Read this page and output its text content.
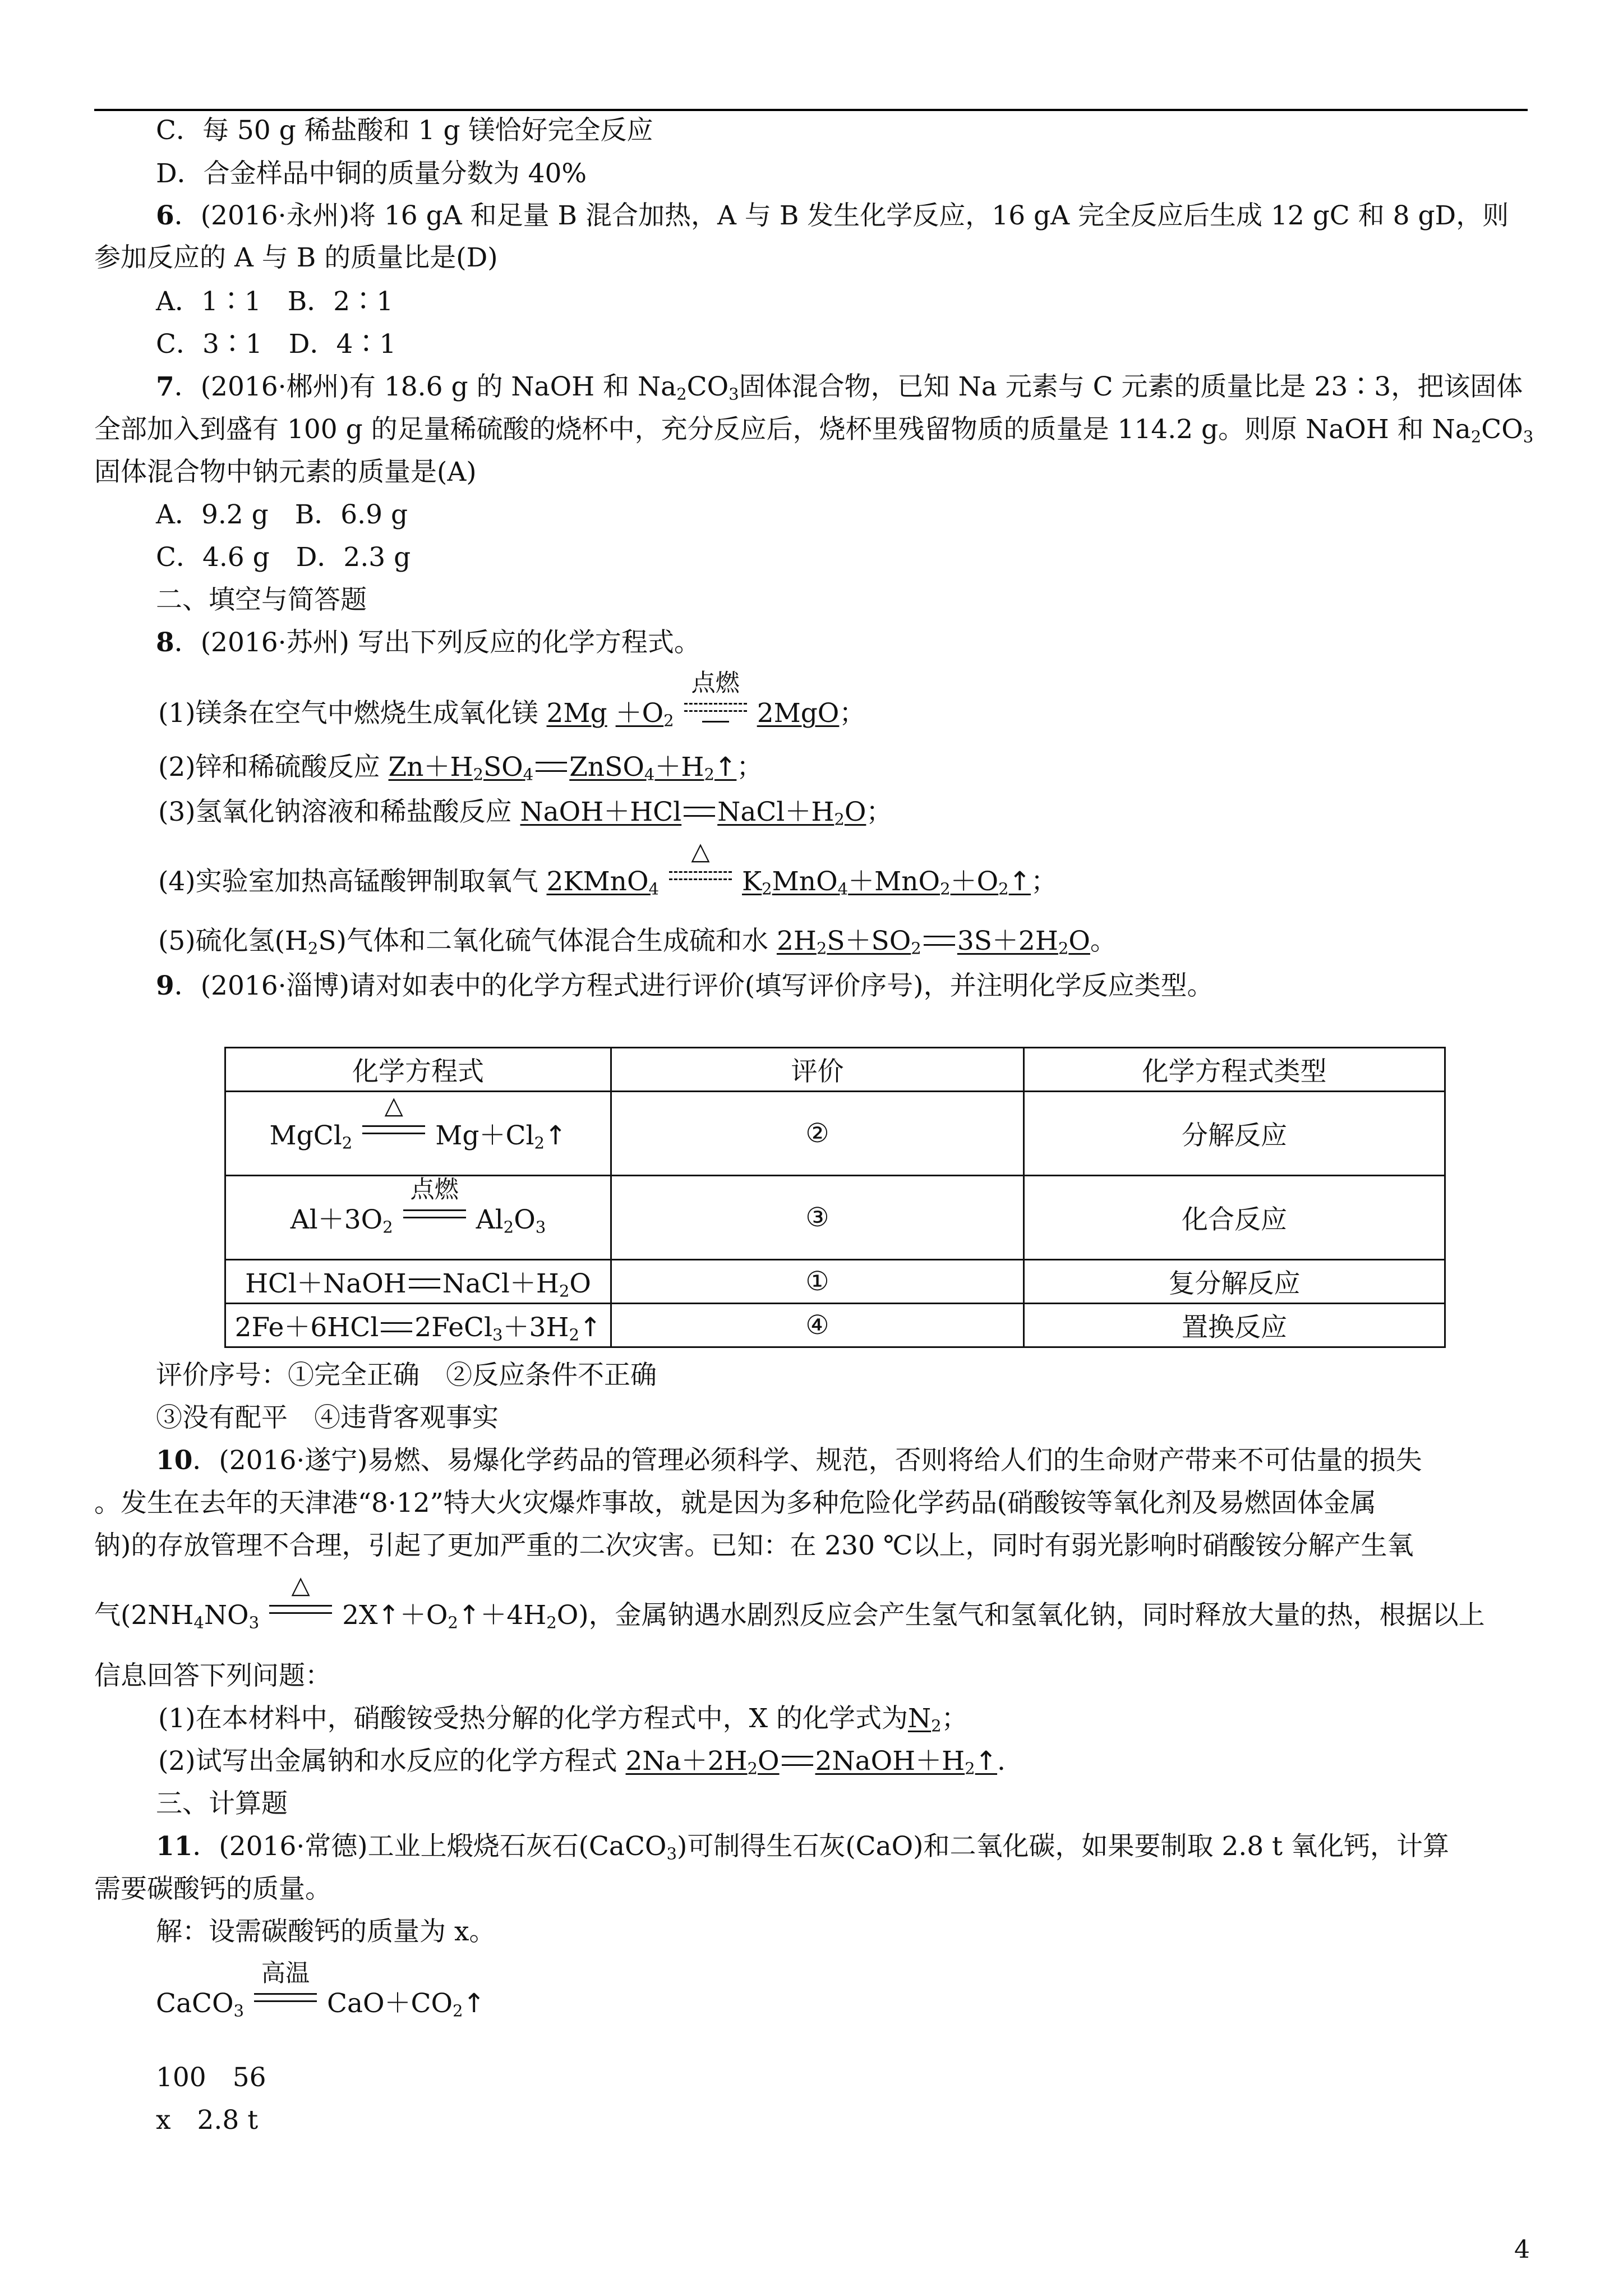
C．每 50 g 稀盐酸和 1 g 镁恰好完全反应
D．合金样品中铜的质量分数为 40%
6．(2016·永州)将 16 gA 和足量 B 混合加热，A 与 B 发生化学反应，16 gA 完全反应后生成 12 gC 和 8 gD，则
参加反应的 A 与 B 的质量比是(D)
A．1∶1　B．2∶1
C．3∶1　D．4∶1
7．(2016·郴州)有 18.6 g 的 NaOH 和 $Na_2CO_3$固体混合物，已知 Na 元素与 C 元素的质量比是 23∶3，把该固体
全部加入到盛有 100 g 的足量稀硫酸的烧杯中，充分反应后，烧杯里残留物质的质量是 114.2 g。则原 NaOH 和 $Na_2CO_3$
固体混合物中钠元素的质量是(A)
A．9.2 g　B．6.9 g
C．4.6 g　D．2.3 g
二、填空与简答题
8．(2016·苏州) 写出下列反应的化学方程式。
(1)镁条在空气中燃烧生成氧化镁 $2Mg +O_2$
点燃
2MgO；
(2)锌和稀硫酸反应 $Zn+H_2SO_4$ $ZnSO_4+H_2↑$；
(3)氢氧化钠溶液和稀盐酸反应 NaOH＋HCl $NaCl+H_2O$；
(4)实验室加热高锰酸钾制取氧气 2KMnO$_4$
△
$K_2MnO_4+MnO_2+O_2↑$；
(5)硫化氢$(H_2S)$气体和二氧化硫气体混合生成硫和水 $2H_2S+SO_2$ $3S+2H_2O$。
9．(2016·淄博)请对如表中的化学方程式进行评价(填写评价序号)，并注明化学反应类型。
化学方程式	评价	化学方程式类型
MgCl$_2$
△
$Mg+Cl_2↑$	②	分解反应
$Al+3O_2$
点燃
$Al_2O_3$	③	化合反应
HCl＋NaOH $NaCl+H_2O$	①	复分解反应
2Fe＋6HCl $2FeCl_3+3H_2↑$	④	置换反应
评价序号：①完全正确　②反应条件不正确
③没有配平　④违背客观事实
10．(2016·遂宁)易燃、易爆化学药品的管理必须科学、规范，否则将给人们的生命财产带来不可估量的损失
。发生在去年的天津港“8·12”特大火灾爆炸事故，就是因为多种危险化学药品(硝酸铵等氧化剂及易燃固体金属
钠)的存放管理不合理，引起了更加严重的二次灾害。已知：在 230 ℃以上，同时有弱光影响时硝酸铵分解产生氧
气($2NH_4NO_3$
△
$2X↑+O_2↑+4H_2O$)，金属钠遇水剧烈反应会产生氢气和氢氧化钠，同时释放大量的热，根据以上
信息回答下列问题：
(1)在本材料中，硝酸铵受热分解的化学方程式中，X 的化学式为$N_2$；
(2)试写出金属钠和水反应的化学方程式 $2Na+2H_2O$ $2NaOH+H_2↑$.
三、计算题
11．(2016·常德)工业上煅烧石灰石(CaCO$_3$)可制得生石灰(CaO)和二氧化碳，如果要制取 2.8 t 氧化钙，计算
需要碳酸钙的质量。
解：设需碳酸钙的质量为 x。
CaCO$_3$
高温
$CaO+CO_2↑$
100　56
x　2.8 t
4
